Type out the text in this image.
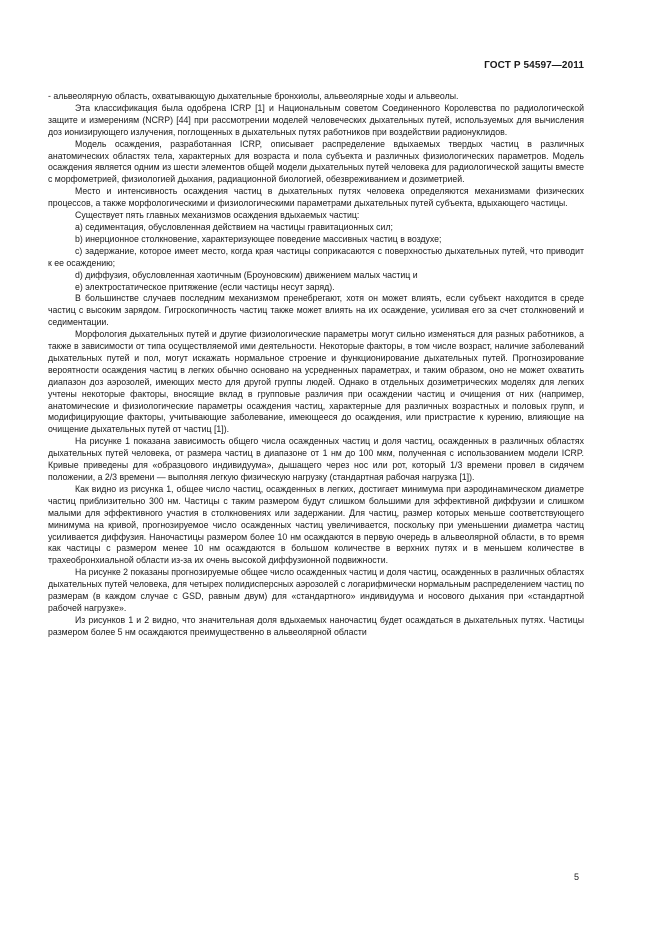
ГОСТ Р 54597—2011

- альвеолярную область, охватывающую дыхательные бронхиолы, альвеолярные ходы и альвеолы.

Эта классификация была одобрена ICRP [1] и Национальным советом Соединенного Королевства по радиологической защите и измерениям (NCRP) [44] при рассмотрении моделей человеческих дыхательных путей, используемых для вычисления доз ионизирующего излучения, поглощенных в дыхательных путях работников при воздействии радионуклидов.

Модель осаждения, разработанная ICRP, описывает распределение вдыхаемых твердых частиц в различных анатомических областях тела, характерных для возраста и пола субъекта и различных физиологических параметров. Модель осаждения является одним из шести элементов общей модели дыхательных путей человека для радиологической защиты вместе с морфометрией, физиологией дыхания, радиационной биологией, обезвреживанием и дозиметрией.

Место и интенсивность осаждения частиц в дыхательных путях человека определяются механизмами физических процессов, а также морфологическими и физиологическими параметрами дыхательных путей субъекта, вдыхающего частицы.

Существует пять главных механизмов осаждения вдыхаемых частиц:

а) седиментация, обусловленная действием на частицы гравитационных сил;

b) инерционное столкновение, характеризующее поведение массивных частиц в воздухе;

c) задержание, которое имеет место, когда края частицы соприкасаются с поверхностью дыхательных путей, что приводит к ее осаждению;

d) диффузия, обусловленная хаотичным (Броуновским) движением малых частиц и

е) электростатическое притяжение (если частицы несут заряд).

В большинстве случаев последним механизмом пренебрегают, хотя он может влиять, если субъект находится в среде частиц с высоким зарядом. Гигроскопичность частиц также может влиять на их осаждение, усиливая его за счет столкновений и седиментации.

Морфология дыхательных путей и другие физиологические параметры могут сильно изменяться для разных работников, а также в зависимости от типа осуществляемой ими деятельности. Некоторые факторы, в том числе возраст, наличие заболеваний дыхательных путей и пол, могут искажать нормальное строение и функционирование дыхательных путей. Прогнозирование вероятности осаждения частиц в легких обычно основано на усредненных параметрах, и таким образом, оно не может охватить диапазон доз аэрозолей, имеющих место для другой группы людей. Однако в отдельных дозиметрических моделях для легких учтены некоторые факторы, вносящие вклад в групповые различия при осаждении частиц и очищения от них (например, анатомические и физиологические параметры осаждения частиц, характерные для различных возрастных и половых групп, и модифицирующие факторы, учитывающие заболевание, имеющееся до осаждения, или пристрастие к курению, влияющие на очищение дыхательных путей от частиц [1]).

На рисунке 1 показана зависимость общего числа осажденных частиц и доля частиц, осажденных в различных областях дыхательных путей человека, от размера частиц в диапазоне от 1 нм до 100 мкм, полученная с использованием модели ICRP. Кривые приведены для «образцового индивидуума», дышащего через нос или рот, который 1/3 времени провел в сидячем положении, а 2/3 времени — выполняя легкую физическую нагрузку (стандартная рабочая нагрузка [1]).

Как видно из рисунка 1, общее число частиц, осажденных в легких, достигает минимума при аэродинамическом диаметре частиц приблизительно 300 нм. Частицы с таким размером будут слишком большими для эффективной диффузии и слишком малыми для эффективного участия в столкновениях или задержании. Для частиц, размер которых меньше соответствующего минимума на кривой, прогнозируемое число осажденных частиц увеличивается, поскольку при уменьшении диаметра частиц усиливается диффузия. Наночастицы размером более 10 нм осаждаются в первую очередь в альвеолярной области, в то время как частицы с размером менее 10 нм осаждаются в большом количестве в верхних путях и в меньшем количестве в трахеобронхиальной области из-за их очень высокой диффузионной подвижности.

На рисунке 2 показаны прогнозируемые общее число осажденных частиц и доля частиц, осажденных в различных областях дыхательных путей человека, для четырех полидисперсных аэрозолей с логарифмически нормальным распределением частиц по размерам (в каждом случае с GSD, равным двум) для «стандартного» индивидуума и носового дыхания при «стандартной рабочей нагрузке».

Из рисунков 1 и 2 видно, что значительная доля вдыхаемых наночастиц будет осаждаться в дыхательных путях. Частицы размером более 5 нм осаждаются преимущественно в альвеолярной области

5
